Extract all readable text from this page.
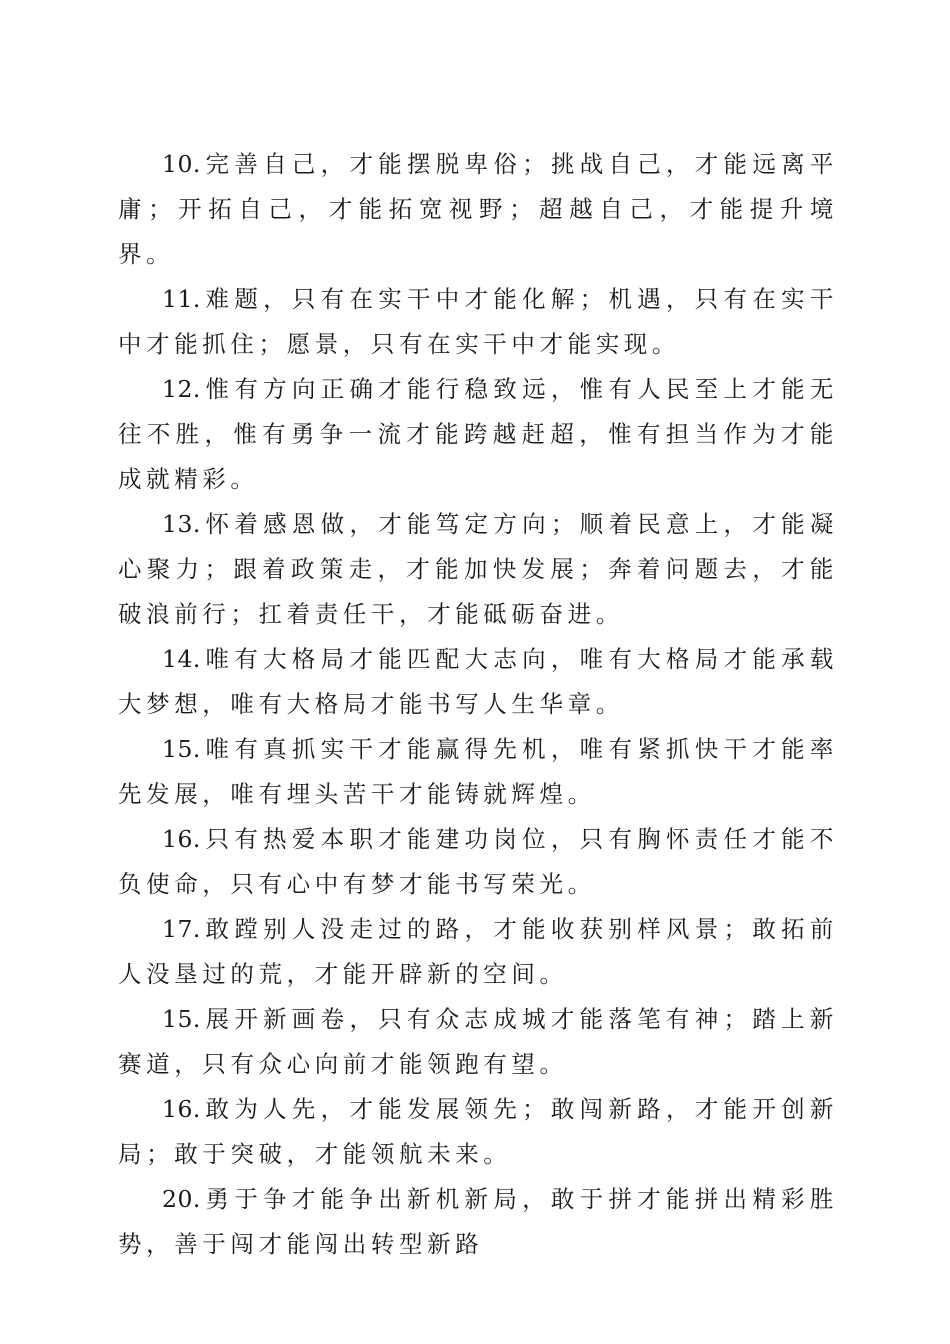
10. 完善自己，才能摆脱卑俗；挑战自己，才能远离平庸；开拓自己，才能拓宽视野；超越自己，才能提升境界。

11. 难题，只有在实干中才能化解；机遇，只有在实干中才能抓住；愿景，只有在实干中才能实现。

12. 惟有方向正确才能行稳致远，惟有人民至上才能无往不胜，惟有勇争一流才能跨越赶超，惟有担当作为才能成就精彩。

13. 怀着感恩做，才能笃定方向；顺着民意上，才能凝心聚力；跟着政策走，才能加快发展；奔着问题去，才能破浪前行；扛着责任干，才能砥砺奋进。

14. 唯有大格局才能匹配大志向，唯有大格局才能承载大梦想，唯有大格局才能书写人生华章。

15. 唯有真抓实干才能赢得先机，唯有紧抓快干才能率先发展，唯有埋头苦干才能铸就辉煌。

16. 只有热爱本职才能建功岗位，只有胸怀责任才能不负使命，只有心中有梦才能书写荣光。

17. 敢蹚别人没走过的路，才能收获别样风景；敢拓前人没垦过的荒，才能开辟新的空间。

15. 展开新画卷，只有众志成城才能落笔有神；踏上新赛道，只有众心向前才能领跑有望。

16. 敢为人先，才能发展领先；敢闯新路，才能开创新局；敢于突破，才能领航未来。

20. 勇于争才能争出新机新局，敢于拼才能拼出精彩胜势，善于闯才能闯出转型新路
